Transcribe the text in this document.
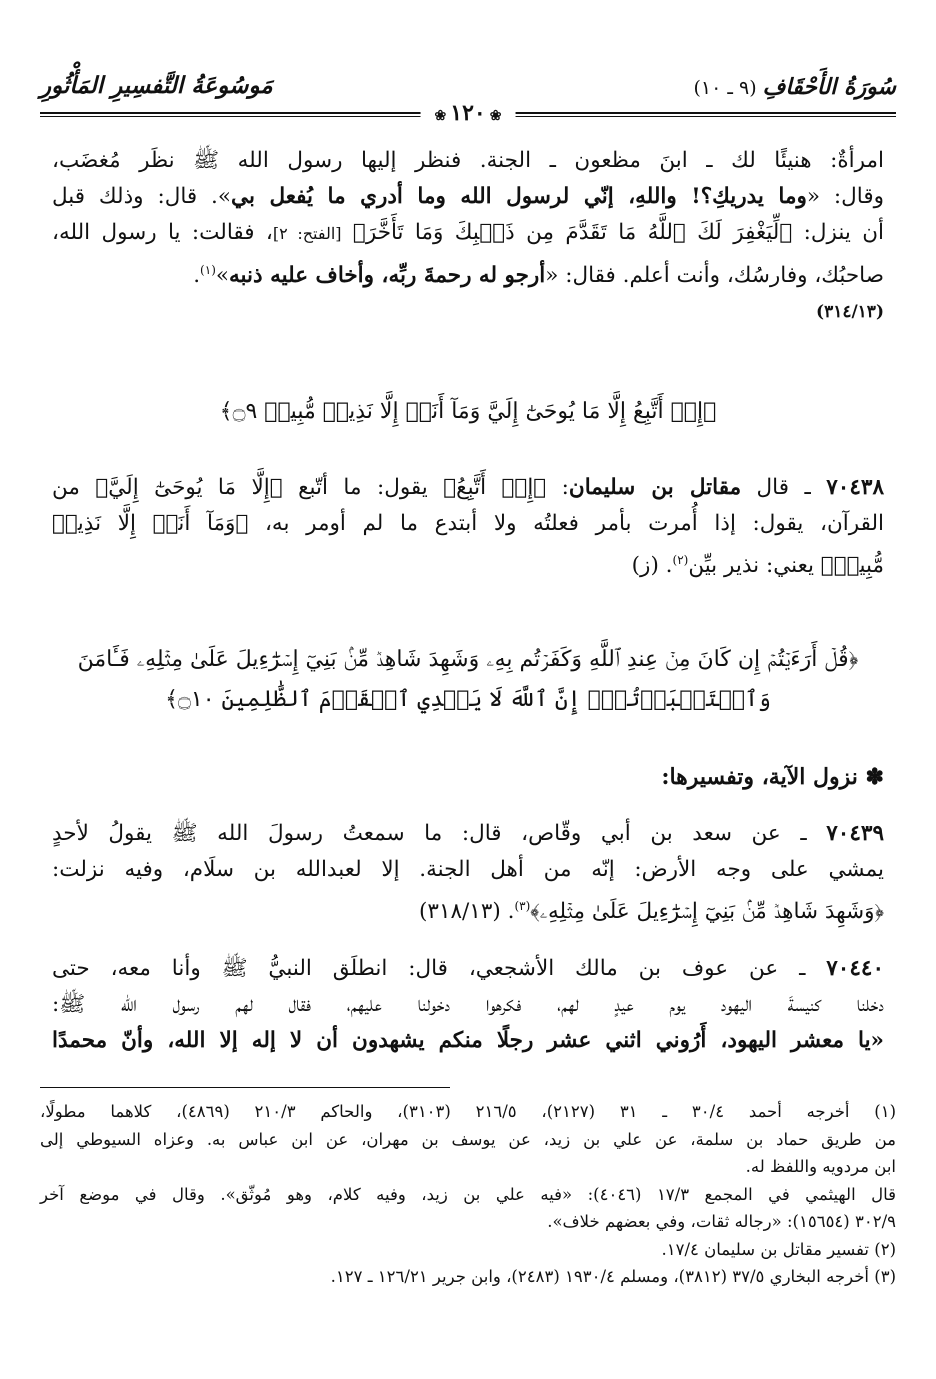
سُورَةُ الأَحْقَافِ(٩ ـ ١٠)
مَوسُوعَةُ التَّفسِيرِ المَأْثُورِ
❀١٢٠❀
امرأةٌ: هنيئًا لك ـ ابنَ مظعون ـ الجنة. فنظر إليها رسول الله ﷺ نظَر مُغضَب،
وقال: «وما يدريكِ؟! واللهِ، إنّي لرسول الله وما أدري ما يُفعل بي». قال: وذلك قبل
أن ينزل: ﴿لِّيَغْفِرَ لَكَ ٱللَّهُ مَا تَقَدَّمَ مِن ذَنۢبِكَ وَمَا تَأَخَّرَ﴾ [الفتح: ٢]، فقالت: يا رسول الله،
صاحبُك، وفارسُك، وأنت أعلم. فقال: «أرجو له رحمةَ ربِّه، وأخاف عليه ذنبه»$^{(١)}$.
(٣١٤/١٣)
﴿إِنۡ أَتَّبِعُ إِلَّا مَا يُوحَىٰٓ إِلَيَّ وَمَآ أَنَا۠ إِلَّا نَذِيرٞ مُّبِينٞ ۝٩﴾
٧٠٤٣٨ ـ قال مقاتل بن سليمان: ﴿إِنۡ أَتَّبِعُ﴾ يقول: ما أتّبع ﴿إِلَّا مَا يُوحَىٰٓ إِلَيَّ﴾ من
القرآن، يقول: إذا أُمرت بأمر فعلتُه ولا أبتدع ما لم أومر به، ﴿وَمَآ أَنَا۠ إِلَّا نَذِيرٞ
مُّبِينٞ﴾ يعني: نذير بيِّن$^{(٢)}$. (ز)
﴿قُلۡ أَرَءَيۡتُمۡ إِن كَانَ مِنۡ عِندِ ٱللَّهِ وَكَفَرۡتُم بِهِۦ وَشَهِدَ شَاهِدٞ مِّنۢ بَنِيٓ إِسۡرَٰٓءِيلَ عَلَىٰ مِثۡلِهِۦ فَـَٔامَنَ
وَٱسۡتَكۡبَرۡتُمۡۚ إِنَّ ٱللَّهَ لَا يَهۡدِي ٱلۡقَوۡمَ ٱلظَّٰلِمِينَ ۝١٠﴾
✽ نزول الآية، وتفسيرها:
٧٠٤٣٩ ـ عن سعد بن أبي وقّاص، قال: ما سمعتُ رسولَ الله ﷺ يقولُ لأحدٍ
يمشي على وجه الأرض: إنّه من أهل الجنة. إلا لعبدالله بن سلَام، وفيه نزلت:
﴿وَشَهِدَ شَاهِدٞ مِّنۢ بَنِيٓ إِسۡرَٰٓءِيلَ عَلَىٰ مِثۡلِهِۦ﴾$^{(٣)}$. (٣١٨/١٣)
٧٠٤٤٠ ـ عن عوف بن مالك الأشجعي، قال: انطلَق النبيُّ ﷺ وأنا معه، حتى
دخلنا كنيسةَ اليهود يوم عيدٍ لهم، فكرهوا دخولنا عليهم، فقال لهم رسول الله ﷺ:
«يا معشر اليهود، أَرُوني اثني عشر رجلًا منكم يشهدون أن لا إله إلا الله، وأنّ محمدًا
(١) أخرجه أحمد ٣٠/٤ ـ ٣١ (٢١٢٧)، ٢١٦/٥ (٣١٠٣)، والحاكم ٢١٠/٣ (٤٨٦٩)، كلاهما مطولًا،
من طريق حماد بن سلمة، عن علي بن زيد، عن يوسف بن مهران، عن ابن عباس به. وعزاه السيوطي إلى
ابن مردويه واللفظ له.
قال الهيثمي في المجمع ١٧/٣ (٤٠٤٦): «فيه علي بن زيد، وفيه كلام، وهو مُوثّق». وقال في موضع آخر
٣٠٢/٩ (١٥٦٥٤): «رجاله ثقات، وفي بعضهم خلاف».
(٢) تفسير مقاتل بن سليمان ١٧/٤.
(٣) أخرجه البخاري ٣٧/٥ (٣٨١٢)، ومسلم ١٩٣٠/٤ (٢٤٨٣)، وابن جرير ١٢٦/٢١ ـ ١٢٧.
